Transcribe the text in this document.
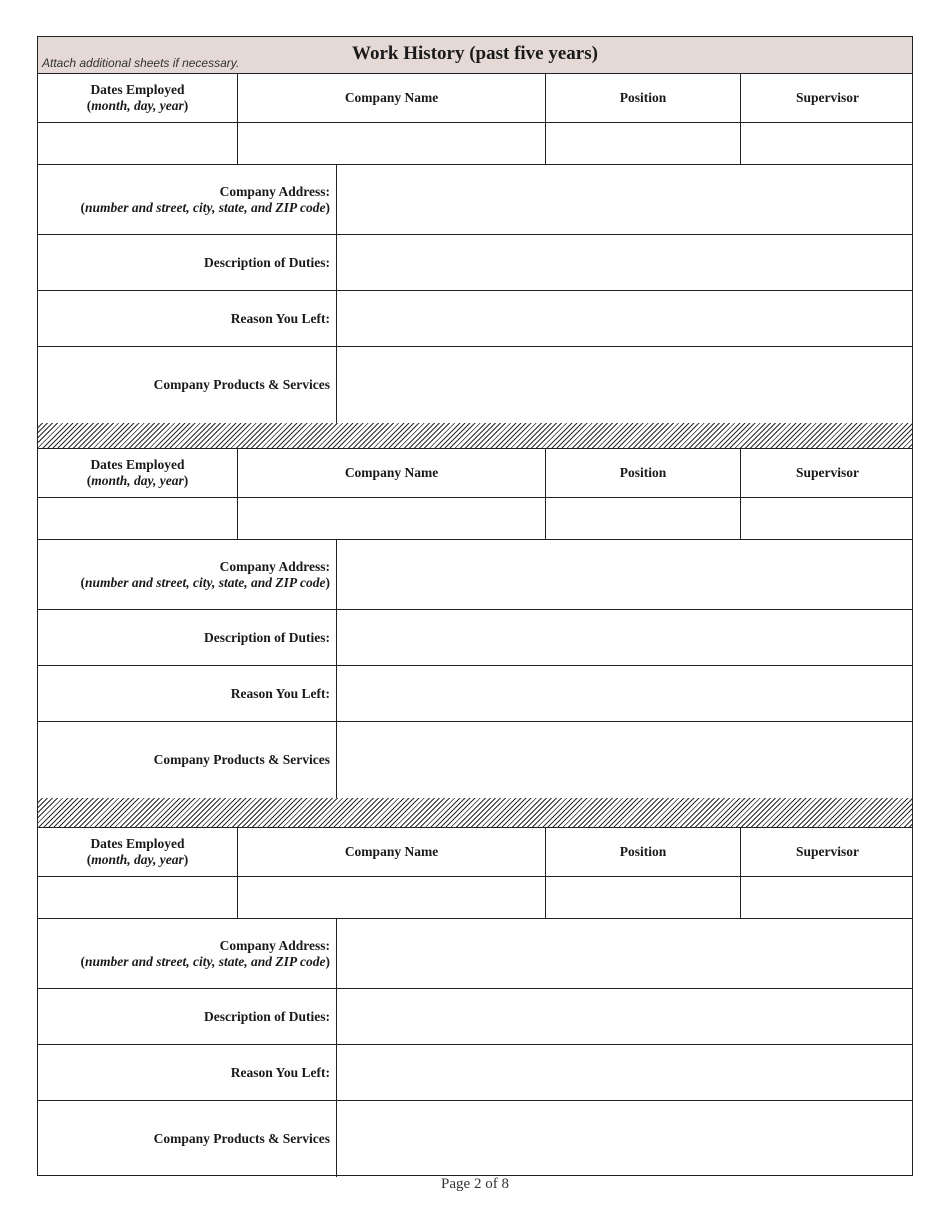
Attach additional sheets if necessary.	Work History (past five years)
Dates Employed
(month, day, year)
Company Name	Position	Supervisor
Company Address:
(number and street, city, state, and ZIP code)
Description of Duties:
Reason You Left:
Company Products & Services
Dates Employed
(month, day, year)
Company Name	Position	Supervisor
Company Address:
(number and street, city, state, and ZIP code)
Description of Duties:
Reason You Left:
Company Products & Services
Dates Employed
(month, day, year)
Company Name	Position	Supervisor
Company Address:
(number and street, city, state, and ZIP code)
Description of Duties:
Reason You Left:
Company Products & Services
Page 2 of 8
